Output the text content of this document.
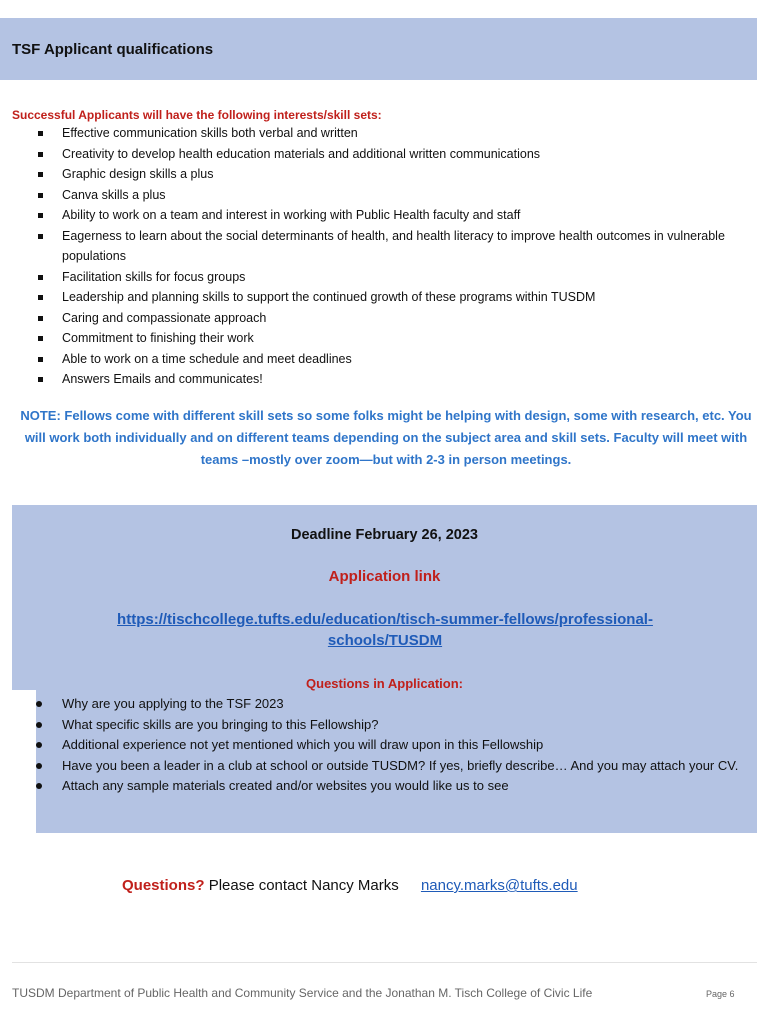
TSF Applicant qualifications
Successful Applicants will have the following interests/skill sets:
Effective communication skills both verbal and written
Creativity to develop health education materials and additional written communications
Graphic design skills a plus
Canva skills a plus
Ability to work on a team and interest in working with Public Health faculty and staff
Eagerness to learn about the social determinants of health, and health literacy to improve health outcomes in vulnerable populations
Facilitation skills for focus groups
Leadership and planning skills to support the continued growth of these programs within TUSDM
Caring and compassionate approach
Commitment to finishing their work
Able to work on a time schedule and meet deadlines
Answers Emails and communicates!
NOTE: Fellows come with different skill sets so some folks might be helping with design, some with research, etc. You will work both individually and on different teams depending on the subject area and skill sets. Faculty will meet with teams –mostly over zoom—but with 2-3 in person meetings.
Deadline February 26, 2023
Application link
https://tischcollege.tufts.edu/education/tisch-summer-fellows/professional-schools/TUSDM
Questions in Application:
Why are you applying to the TSF 2023
What specific skills are you bringing to this Fellowship?
Additional experience not yet mentioned which you will draw upon in this Fellowship
Have you been a leader in a club at school or outside TUSDM? If yes, briefly describe… And you may attach your CV.
Attach any sample materials created and/or websites you would like us to see
Questions? Please contact Nancy Marks nancy.marks@tufts.edu
TUSDM Department of Public Health and Community Service and the Jonathan M. Tisch College of Civic Life	Page 6
